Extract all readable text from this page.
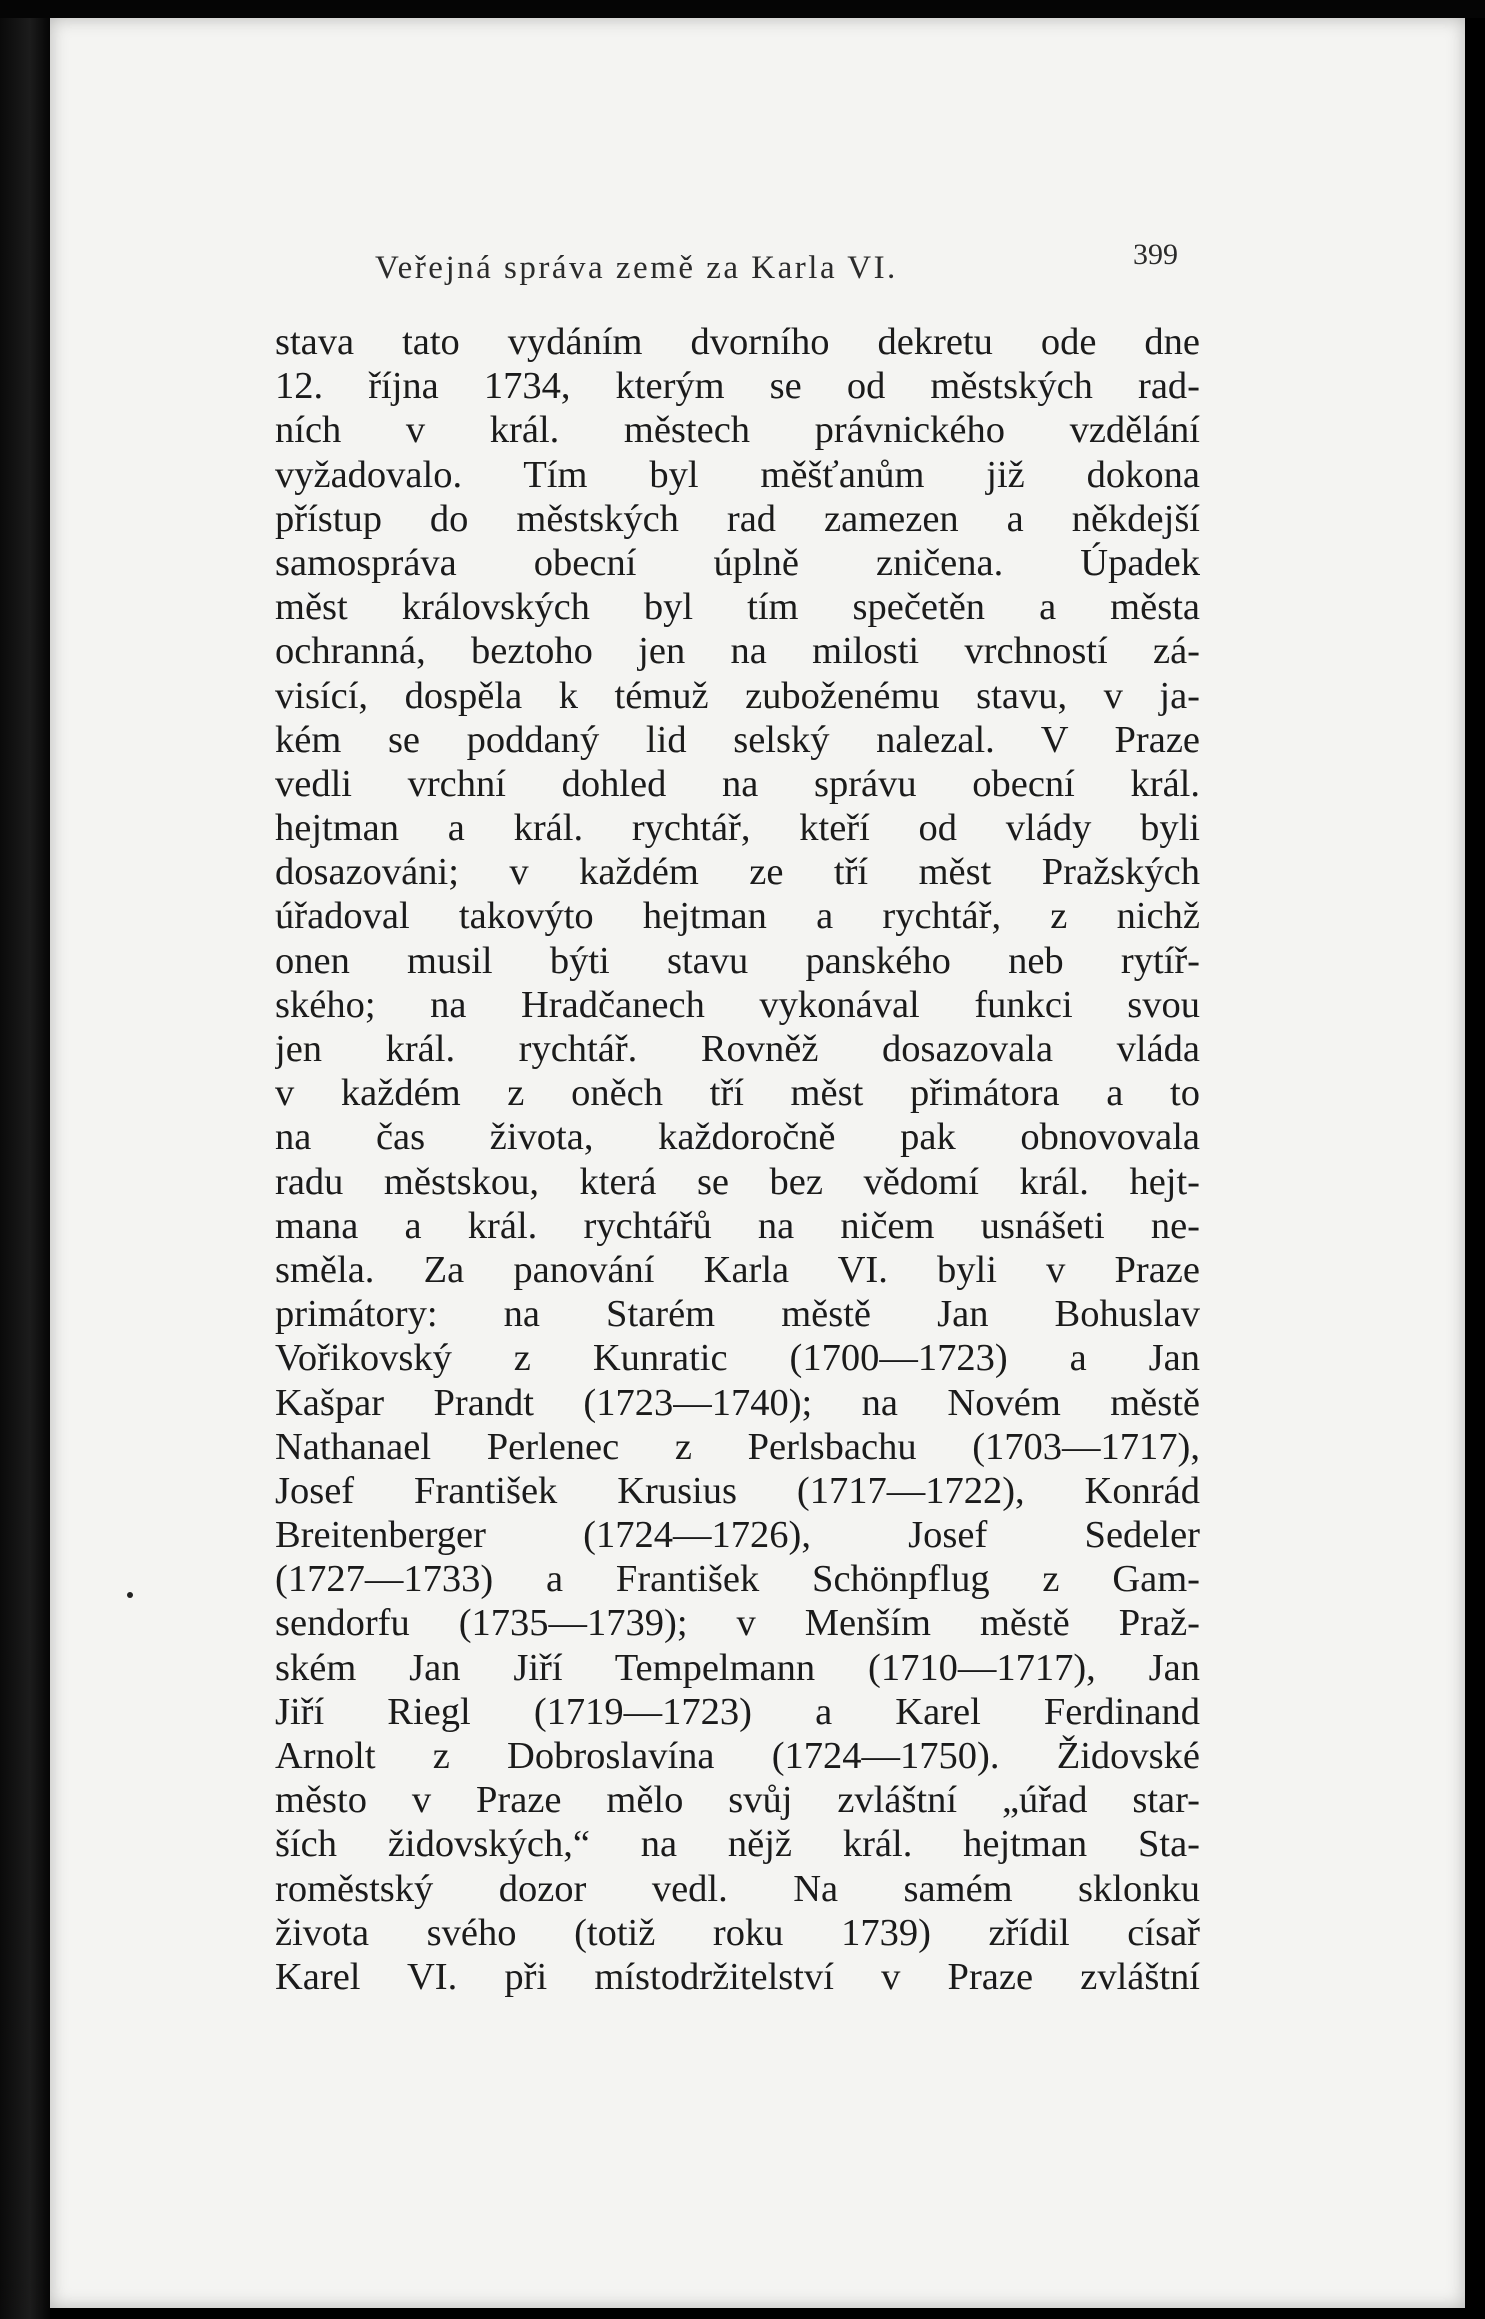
Veřejná správa země za Karla VI.	399
stava tato vydáním dvorního dekretu ode dne
12. října 1734, kterým se od městských rad-
ních v král. městech právnického vzdělání
vyžadovalo. Tím byl měšťanům již dokona
přístup do městských rad zamezen a někdejší
samospráva obecní úplně zničena. Úpadek
měst královských byl tím spečetěn a města
ochranná, beztoho jen na milosti vrchností zá-
visící, dospěla k témuž zuboženému stavu, v ja-
kém se poddaný lid selský nalezal. V Praze
vedli vrchní dohled na správu obecní král.
hejtman a král. rychtář, kteří od vlády byli
dosazováni; v každém ze tří měst Pražských
úřadoval takovýto hejtman a rychtář, z nichž
onen musil býti stavu panského neb rytíř-
ského; na Hradčanech vykonával funkci svou
jen král. rychtář. Rovněž dosazovala vláda
v každém z oněch tří měst přimátora a to
na čas života, každoročně pak obnovovala
radu městskou, která se bez vědomí král. hejt-
mana a král. rychtářů na ničem usnášeti ne-
směla. Za panování Karla VI. byli v Praze
primátory: na Starém městě Jan Bohuslav
Vořikovský z Kunratic (1700—1723) a Jan
Kašpar Prandt (1723—1740); na Novém městě
Nathanael Perlenec z Perlsbachu (1703—1717),
Josef František Krusius (1717—1722), Konrád
Breitenberger (1724—1726), Josef Sedeler
(1727—1733) a František Schönpflug z Gam-
sendorfu (1735—1739); v Menším městě Praž-
ském Jan Jiří Tempelmann (1710—1717), Jan
Jiří Riegl (1719—1723) a Karel Ferdinand
Arnolt z Dobroslavína (1724—1750). Židovské
město v Praze mělo svůj zvláštní „úřad star-
ších židovských,“ na nějž král. hejtman Sta-
roměstský dozor vedl. Na samém sklonku
života svého (totiž roku 1739) zřídil císař
Karel VI. při místodržitelství v Praze zvláštní
